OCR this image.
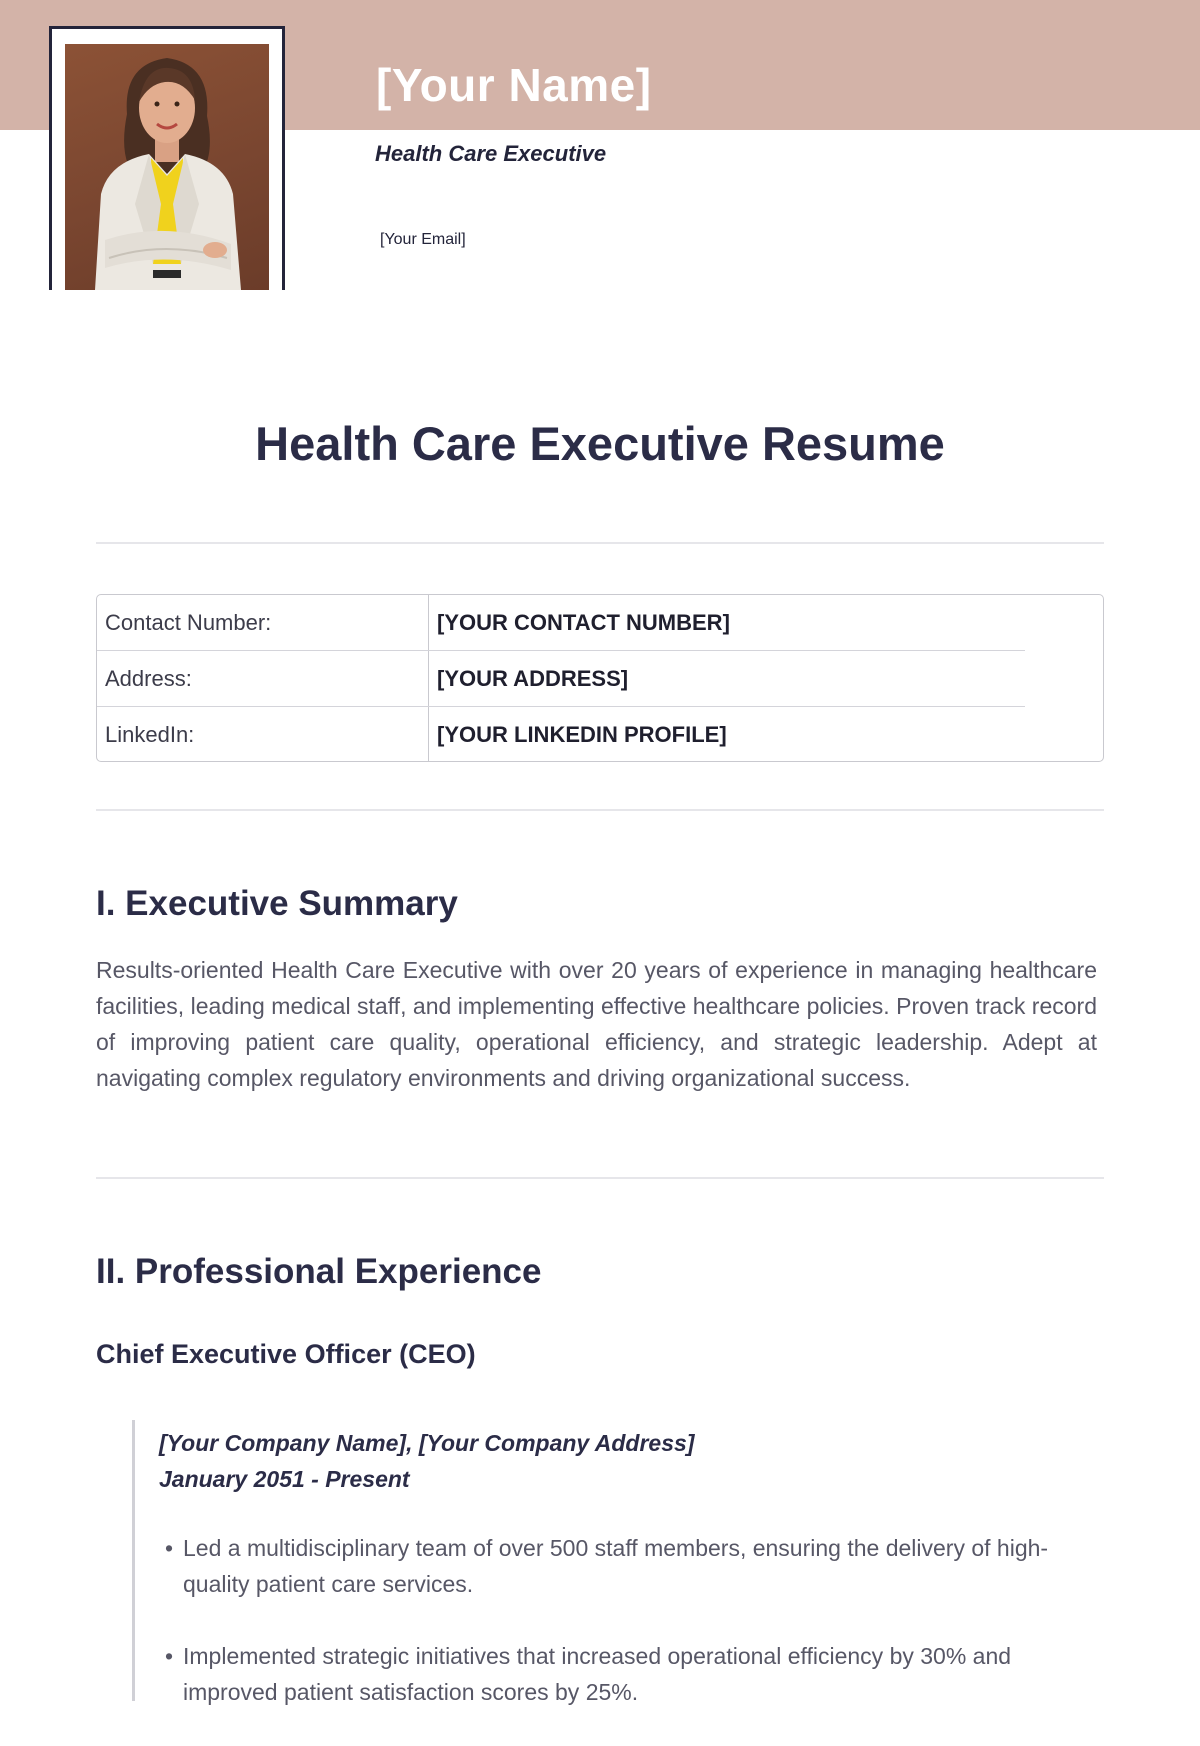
[Your Name]
Health Care Executive
[Your Email]
Health Care Executive Resume
Contact Number:	[YOUR CONTACT NUMBER]
Address:	[YOUR ADDRESS]
LinkedIn:	[YOUR LINKEDIN PROFILE]
I. Executive Summary
Results-oriented Health Care Executive with over 20 years of experience in managing healthcare facilities, leading medical staff, and implementing effective healthcare policies. Proven track record of improving patient care quality, operational efficiency, and strategic leadership. Adept at navigating complex regulatory environments and driving organizational success.
II. Professional Experience
Chief Executive Officer (CEO)
[Your Company Name], [Your Company Address]
January 2051 - Present
• Led a multidisciplinary team of over 500 staff members, ensuring the delivery of high-quality patient care services.
• Implemented strategic initiatives that increased operational efficiency by 30% and improved patient satisfaction scores by 25%.
